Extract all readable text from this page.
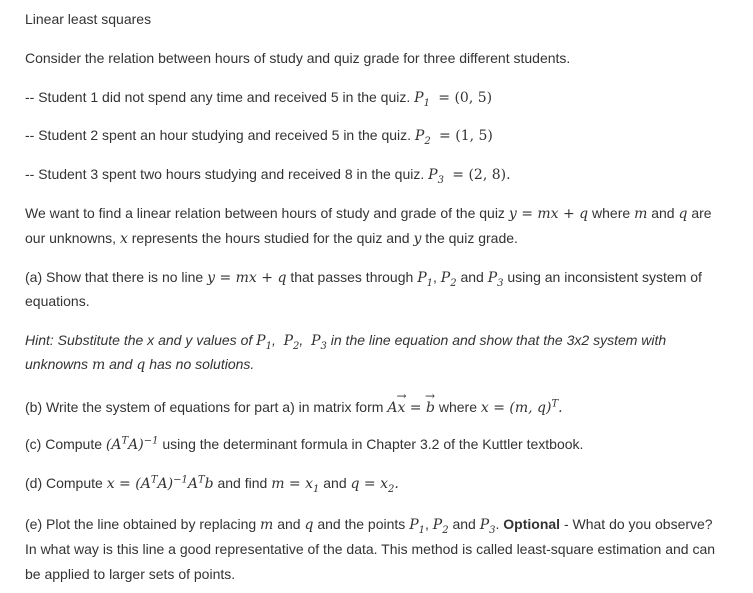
Linear least squares
Consider the relation between hours of study and quiz grade for three different students.
-- Student 1 did not spend any time and received 5 in the quiz. $P_1 = (0$, 5)
-- Student 2 spent an hour studying and received 5 in the quiz. $P_2 = (1$, 5)
-- Student 3 spent two hours studying and received 8 in the quiz. $P_3 = (2$, 8).
We want to find a linear relation between hours of study and grade of the quiz y = mx + q where m and q are
our unknowns, x represents the hours studied for the quiz and y the quiz grade.
(a) Show that there is no line y = mx + q that passes through $P_1$, $P_2$ and $P_3$ using an inconsistent system of
equations.
Hint: Substitute the x and y values of $P_1$,  $P_2$,  $P_3$ in the line equation and show that the 3x2 system with
unknowns m and q has no solutions.
(b) Write the system of equations for part a) in matrix form A→ x = → b where x = (m, q)$^T$.
(c) Compute $(A^TA)^{-1}$ using the determinant formula in Chapter 3.2 of the Kuttler textbook.
(d) Compute $x = (A^TA)^{-1}A^Tb$ and find $m = x_1$ and $q = x_2$.
(e) Plot the line obtained by replacing m and q and the points $P_1$, $P_2$ and $P_3$. Optional - What do you observe?
In what way is this line a good representative of the data. This method is called least-square estimation and can
be applied to larger sets of points.
